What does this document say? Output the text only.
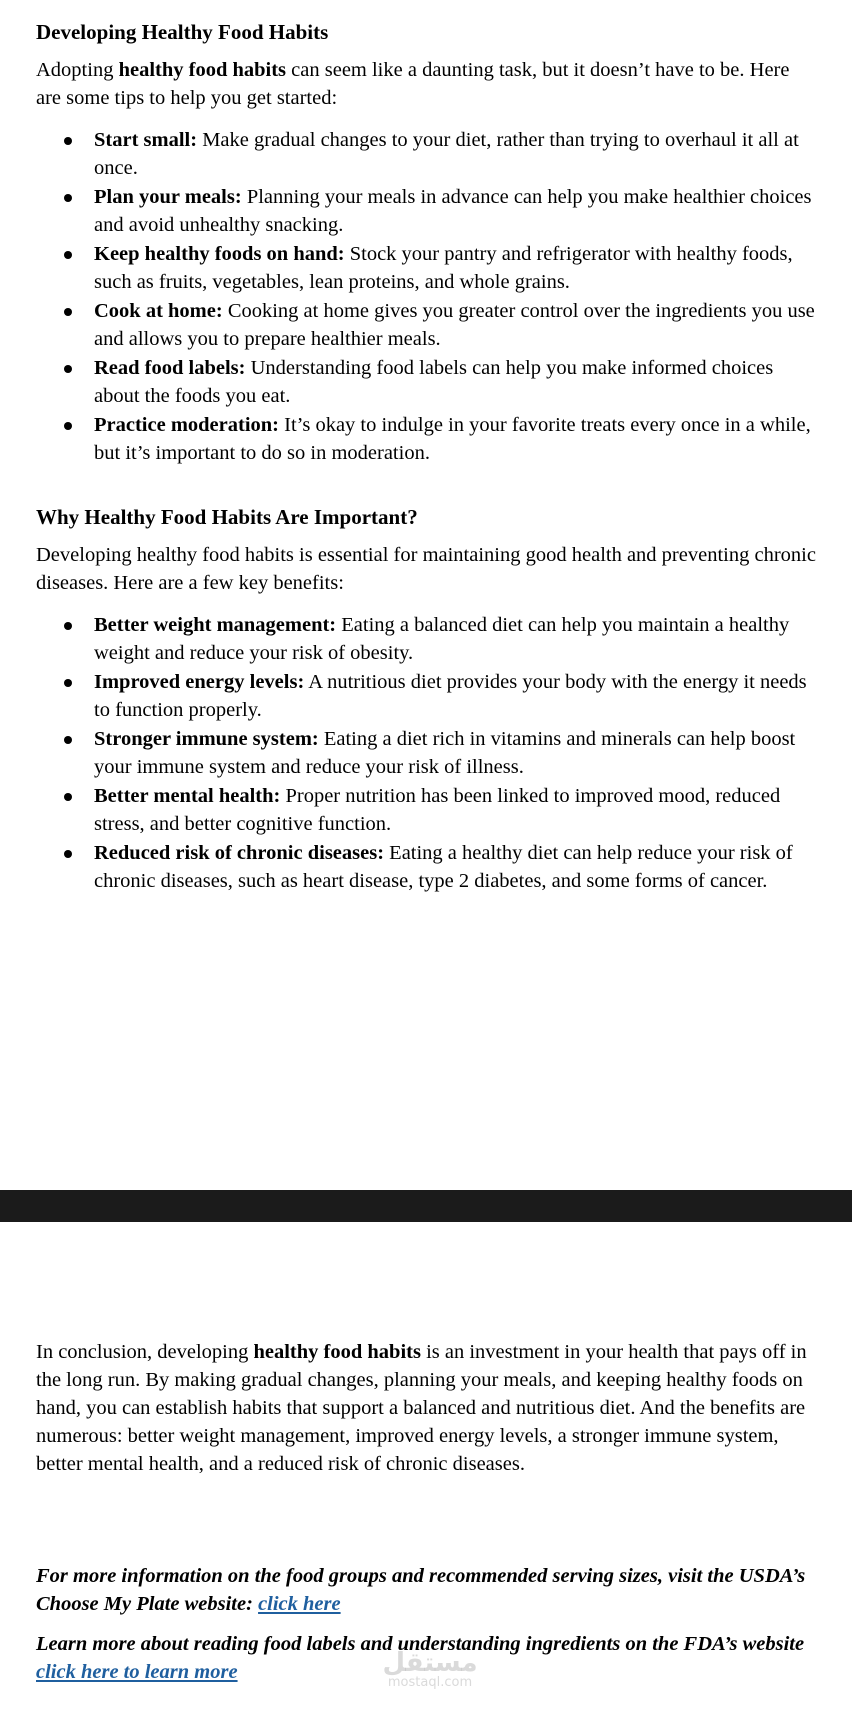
Developing Healthy Food Habits

Adopting healthy food habits can seem like a daunting task, but it doesn’t have to be. Here are some tips to help you get started:

Start small: Make gradual changes to your diet, rather than trying to overhaul it all at once.
Plan your meals: Planning your meals in advance can help you make healthier choices and avoid unhealthy snacking.
Keep healthy foods on hand: Stock your pantry and refrigerator with healthy foods, such as fruits, vegetables, lean proteins, and whole grains.
Cook at home: Cooking at home gives you greater control over the ingredients you use and allows you to prepare healthier meals.
Read food labels: Understanding food labels can help you make informed choices about the foods you eat.
Practice moderation: It’s okay to indulge in your favorite treats every once in a while, but it’s important to do so in moderation.
Why Healthy Food Habits Are Important?

Developing healthy food habits is essential for maintaining good health and preventing chronic diseases. Here are a few key benefits:

Better weight management: Eating a balanced diet can help you maintain a healthy weight and reduce your risk of obesity.
Improved energy levels: A nutritious diet provides your body with the energy it needs to function properly.
Stronger immune system: Eating a diet rich in vitamins and minerals can help boost your immune system and reduce your risk of illness.
Better mental health: Proper nutrition has been linked to improved mood, reduced stress, and better cognitive function.
Reduced risk of chronic diseases: Eating a healthy diet can help reduce your risk of chronic diseases, such as heart disease, type 2 diabetes, and some forms of cancer.

In conclusion, developing healthy food habits is an investment in your health that pays off in the long run. By making gradual changes, planning your meals, and keeping healthy foods on hand, you can establish habits that support a balanced and nutritious diet. And the benefits are numerous: better weight management, improved energy levels, a stronger immune system, better mental health, and a reduced risk of chronic diseases.

For more information on the food groups and recommended serving sizes, visit the USDA’s Choose My Plate website: click here

Learn more about reading food labels and understanding ingredients on the FDA’s website click here to learn more	مستقل
mostaql.com
